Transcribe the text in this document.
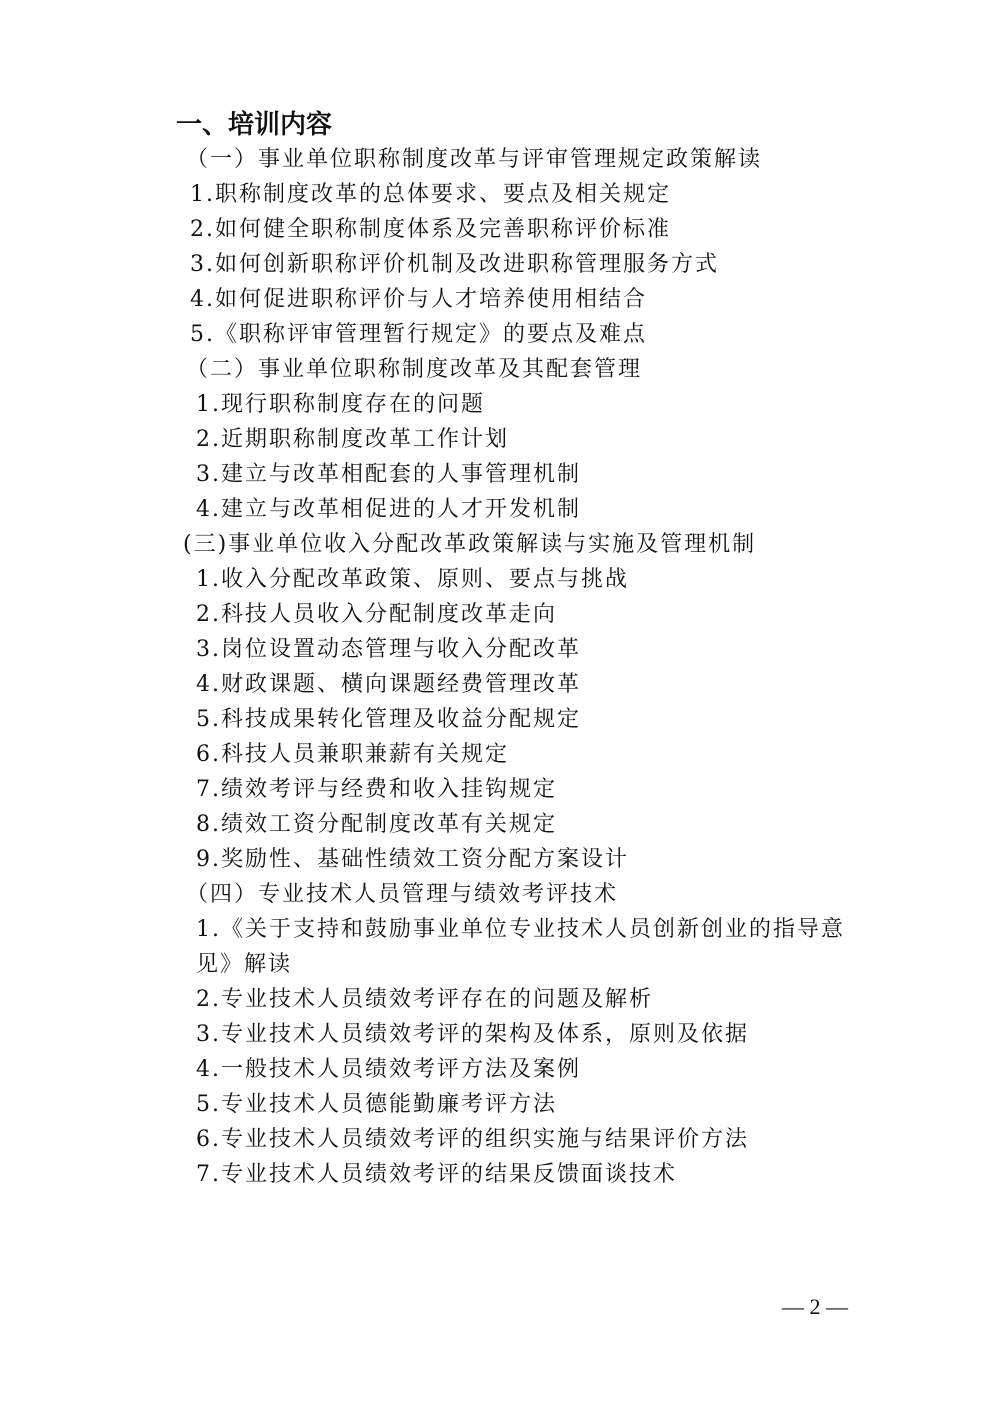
一、培训内容
（一）事业单位职称制度改革与评审管理规定政策解读
1.职称制度改革的总体要求、要点及相关规定
2.如何健全职称制度体系及完善职称评价标准
3.如何创新职称评价机制及改进职称管理服务方式
4.如何促进职称评价与人才培养使用相结合
5.《职称评审管理暂行规定》的要点及难点
（二）事业单位职称制度改革及其配套管理
1.现行职称制度存在的问题
2.近期职称制度改革工作计划
3.建立与改革相配套的人事管理机制
4.建立与改革相促进的人才开发机制
(三)事业单位收入分配改革政策解读与实施及管理机制
1.收入分配改革政策、原则、要点与挑战
2.科技人员收入分配制度改革走向
3.岗位设置动态管理与收入分配改革
4.财政课题、横向课题经费管理改革
5.科技成果转化管理及收益分配规定
6.科技人员兼职兼薪有关规定
7.绩效考评与经费和收入挂钩规定
8.绩效工资分配制度改革有关规定
9.奖励性、基础性绩效工资分配方案设计
（四）专业技术人员管理与绩效考评技术
1.《关于支持和鼓励事业单位专业技术人员创新创业的指导意
见》解读
2.专业技术人员绩效考评存在的问题及解析
3.专业技术人员绩效考评的架构及体系，原则及依据
4.一般技术人员绩效考评方法及案例
5.专业技术人员德能勤廉考评方法
6.专业技术人员绩效考评的组织实施与结果评价方法
7.专业技术人员绩效考评的结果反馈面谈技术
— 2 —
